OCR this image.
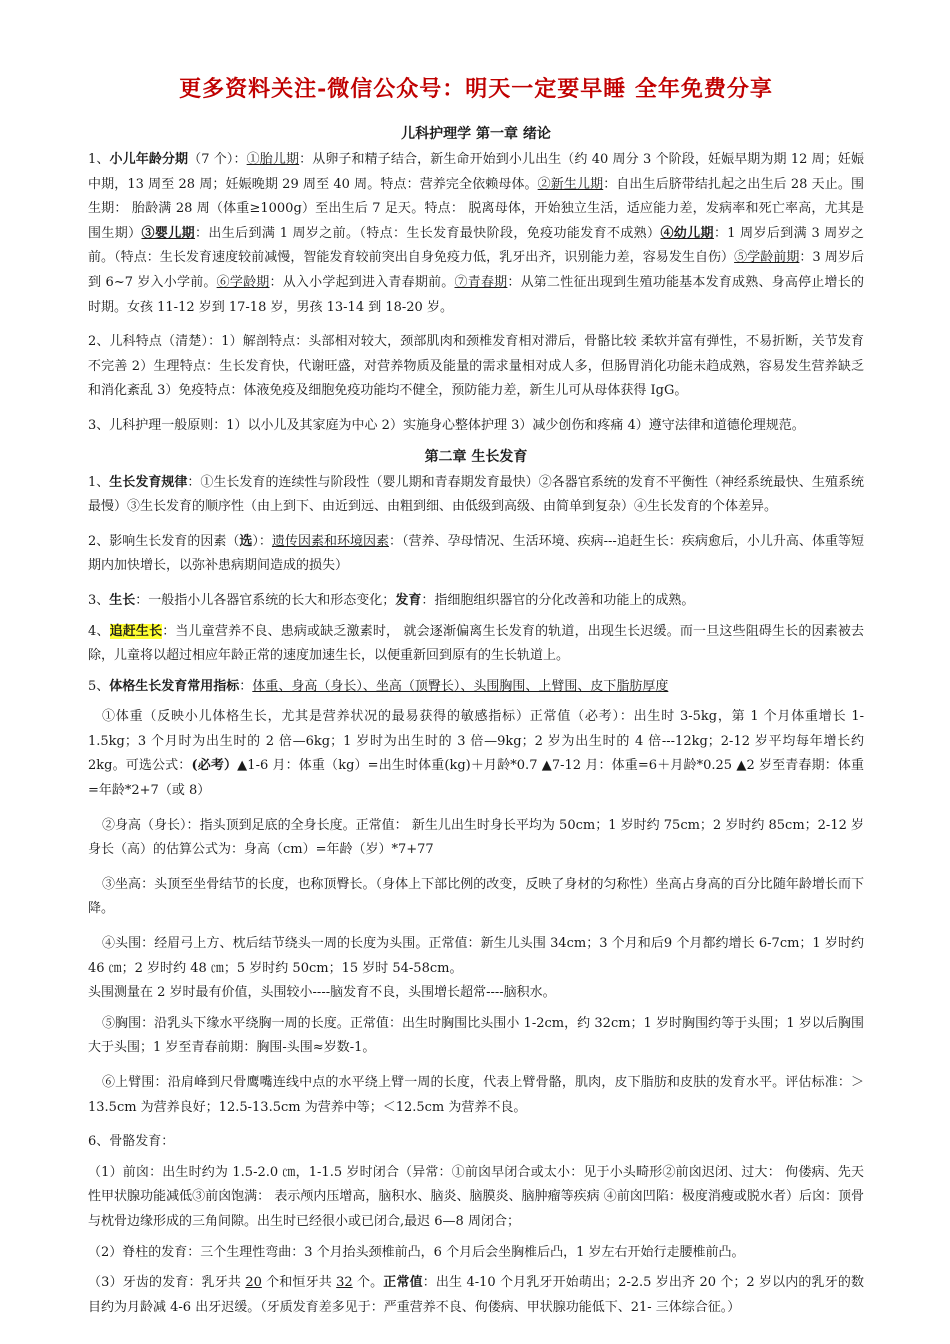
更多资料关注-微信公众号：明天一定要早睡 全年免费分享
儿科护理学 第一章 绪论

1、小儿年龄分期（7 个）：①胎儿期：从卵子和精子结合，新生命开始到小儿出生（约 40 周分 3 个阶段，妊娠早期为期 12 周；妊娠中期，13 周至 28 周；妊娠晚期 29 周至 40 周。特点：营养完全依赖母体。②新生儿期：自出生后脐带结扎起之出生后 28 天止。围生期： 胎龄满 28 周（体重≥1000g）至出生后 7 足天。特点： 脱离母体，开始独立生活，适应能力差，发病率和死亡率高，尤其是围生期）③婴儿期：出生后到满 1 周岁之前。（特点：生长发育最快阶段，免疫功能发育不成熟）④幼儿期：1 周岁后到满 3 周岁之前。（特点：生长发育速度较前减慢，智能发育较前突出自身免疫力低，乳牙出齐，识别能力差，容易发生自伤）⑤学龄前期：3 周岁后到 6~7 岁入小学前。⑥学龄期：从入小学起到进入青春期前。⑦青春期：从第二性征出现到生殖功能基本发育成熟、身高停止增长的时期。女孩 11-12 岁到 17-18 岁，男孩 13-14 到 18-20 岁。

2、儿科特点（清楚）：1）解剖特点：头部相对较大，颈部肌肉和颈椎发育相对滞后，骨骼比较 柔软并富有弹性，不易折断，关节发育不完善 2）生理特点：生长发育快，代谢旺盛，对营养物质及能量的需求量相对成人多，但肠胃消化功能未趋成熟，容易发生营养缺乏和消化紊乱 3）免疫特点：体液免疫及细胞免疫功能均不健全，预防能力差，新生儿可从母体获得 IgG。

3、儿科护理一般原则：1）以小儿及其家庭为中心 2）实施身心整体护理 3）减少创伤和疼痛 4）遵守法律和道德伦理规范。

第二章 生长发育

1、生长发育规律：①生长发育的连续性与阶段性（婴儿期和青春期发育最快）②各器官系统的发育不平衡性（神经系统最快、生殖系统最慢）③生长发育的顺序性（由上到下、由近到远、由粗到细、由低级到高级、由简单到复杂）④生长发育的个体差异。

2、影响生长发育的因素（选）：遗传因素和环境因素：（营养、孕母情况、生活环境、疾病---追赶生长：疾病愈后，小儿升高、体重等短期内加快增长，以弥补患病期间造成的损失）

3、生长：一般指小儿各器官系统的长大和形态变化；发育：指细胞组织器官的分化改善和功能上的成熟。

4、追赶生长：当儿童营养不良、患病或缺乏激素时， 就会逐渐偏离生长发育的轨道，出现生长迟缓。而一旦这些阻碍生长的因素被去除，儿童将以超过相应年龄正常的速度加速生长，以便重新回到原有的生长轨道上。

5、体格生长发育常用指标：体重、身高（身长）、坐高（顶臀长）、头围胸围、上臂围、皮下脂肪厚度

①体重（反映小儿体格生长，尤其是营养状况的最易获得的敏感指标）正常值（必考）：出生时 3-5kg，第 1 个月体重增长 1-1.5kg；3 个月时为出生时的 2 倍—6kg；1 岁时为出生时的 3 倍—9kg；2 岁为出生时的 4 倍---12kg；2-12 岁平均每年增长约 2kg。可选公式：(必考）▲1-6 月：体重（kg）=出生时体重(kg)＋月龄*0.7 ▲7-12 月：体重=6＋月龄*0.25 ▲2 岁至青春期：体重=年龄*2+7（或 8）

②身高（身长）：指头顶到足底的全身长度。正常值： 新生儿出生时身长平均为 50cm；1 岁时约 75cm；2 岁时约 85cm；2-12 岁身长（高）的估算公式为：身高（cm）=年龄（岁）*7+77

③坐高：头顶至坐骨结节的长度，也称顶臀长。（身体上下部比例的改变，反映了身材的匀称性）坐高占身高的百分比随年龄增长而下降。

④头围：经眉弓上方、枕后结节绕头一周的长度为头围。正常值：新生儿头围 34cm；3 个月和后9 个月都约增长 6-7cm；1 岁时约 46 ㎝；2 岁时约 48 ㎝；5 岁时约 50cm；15 岁时 54-58cm。

头围测量在 2 岁时最有价值，头围较小----脑发育不良，头围增长超常----脑积水。

⑤胸围：沿乳头下缘水平绕胸一周的长度。正常值：出生时胸围比头围小 1-2cm，约 32cm；1 岁时胸围约等于头围；1 岁以后胸围大于头围；1 岁至青春前期：胸围-头围≈岁数-1。

⑥上臂围：沿肩峰到尺骨鹰嘴连线中点的水平绕上臂一周的长度，代表上臂骨骼，肌肉，皮下脂肪和皮肤的发育水平。评估标准：＞13.5cm 为营养良好；12.5-13.5cm 为营养中等；＜12.5cm 为营养不良。

6、骨骼发育：

（1）前囟：出生时约为 1.5-2.0 ㎝，1-1.5 岁时闭合（异常：①前囟早闭合或太小：见于小头畸形②前囟迟闭、过大： 佝偻病、先天性甲状腺功能减低③前囟饱满： 表示颅内压增高，脑积水、脑炎、脑膜炎、脑肿瘤等疾病 ④前囟凹陷：极度消瘦或脱水者）后囟：顶骨与枕骨边缘形成的三角间隙。出生时已经很小或已闭合,最迟 6—8 周闭合；

（2）脊柱的发育：三个生理性弯曲：3 个月抬头颈椎前凸，6 个月后会坐胸椎后凸，1 岁左右开始行走腰椎前凸。

（3）牙齿的发育：乳牙共 20 个和恒牙共 32 个。正常值：出生 4-10 个月乳牙开始萌出；2-2.5 岁出齐 20 个；2 岁以内的乳牙的数目约为月龄减 4-6 出牙迟缓。（牙质发育差多见于：严重营养不良、佝偻病、甲状腺功能低下、21- 三体综合征。）
